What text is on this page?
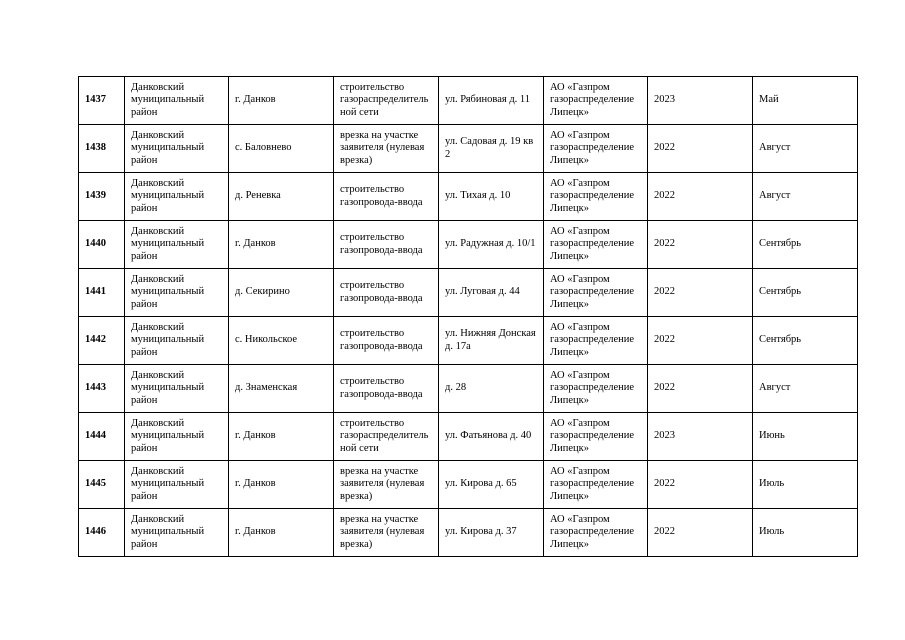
1437	Данковский муниципальный район	г. Данков	строительство газораспределитель ной сети	ул. Рябиновая д. 11	АО «Газпром газораспределение Липецк»	2023	Май
1438	Данковский муниципальный район	с. Баловнево	врезка на участке заявителя (нулевая врезка)	ул. Садовая д. 19 кв 2	АО «Газпром газораспределение Липецк»	2022	Август
1439	Данковский муниципальный район	д. Реневка	строительство газопровода-ввода	ул. Тихая д. 10	АО «Газпром газораспределение Липецк»	2022	Август
1440	Данковский муниципальный район	г. Данков	строительство газопровода-ввода	ул. Радужная д. 10/1	АО «Газпром газораспределение Липецк»	2022	Сентябрь
1441	Данковский муниципальный район	д. Секирино	строительство газопровода-ввода	ул. Луговая д. 44	АО «Газпром газораспределение Липецк»	2022	Сентябрь
1442	Данковский муниципальный район	с. Никольское	строительство газопровода-ввода	ул. Нижняя Донская д. 17а	АО «Газпром газораспределение Липецк»	2022	Сентябрь
1443	Данковский муниципальный район	д. Знаменская	строительство газопровода-ввода	д. 28	АО «Газпром газораспределение Липецк»	2022	Август
1444	Данковский муниципальный район	г. Данков	строительство газораспределитель ной сети	ул. Фатьянова д. 40	АО «Газпром газораспределение Липецк»	2023	Июнь
1445	Данковский муниципальный район	г. Данков	врезка на участке заявителя (нулевая врезка)	ул. Кирова д. 65	АО «Газпром газораспределение Липецк»	2022	Июль
1446	Данковский муниципальный район	г. Данков	врезка на участке заявителя (нулевая врезка)	ул. Кирова д. 37	АО «Газпром газораспределение Липецк»	2022	Июль
